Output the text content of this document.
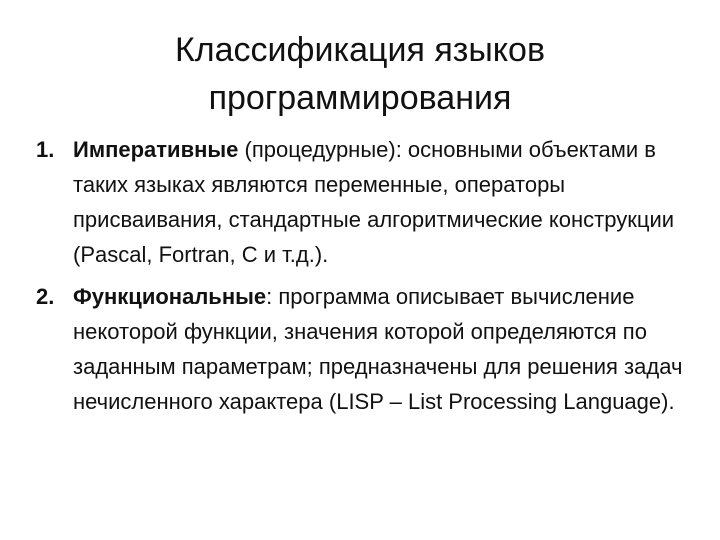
Классификация языков
программирования
1. Императивные (процедурные): основными объектами в таких языках являются переменные, операторы присваивания, стандартные алгоритмические конструкции (Pascal, Fortran, C и т.д.).
2. Функциональные: программа описывает вычисление некоторой функции, значения которой определяются по заданным параметрам; предназначены для решения задач нечисленного характера (LISP – List Processing Language).
